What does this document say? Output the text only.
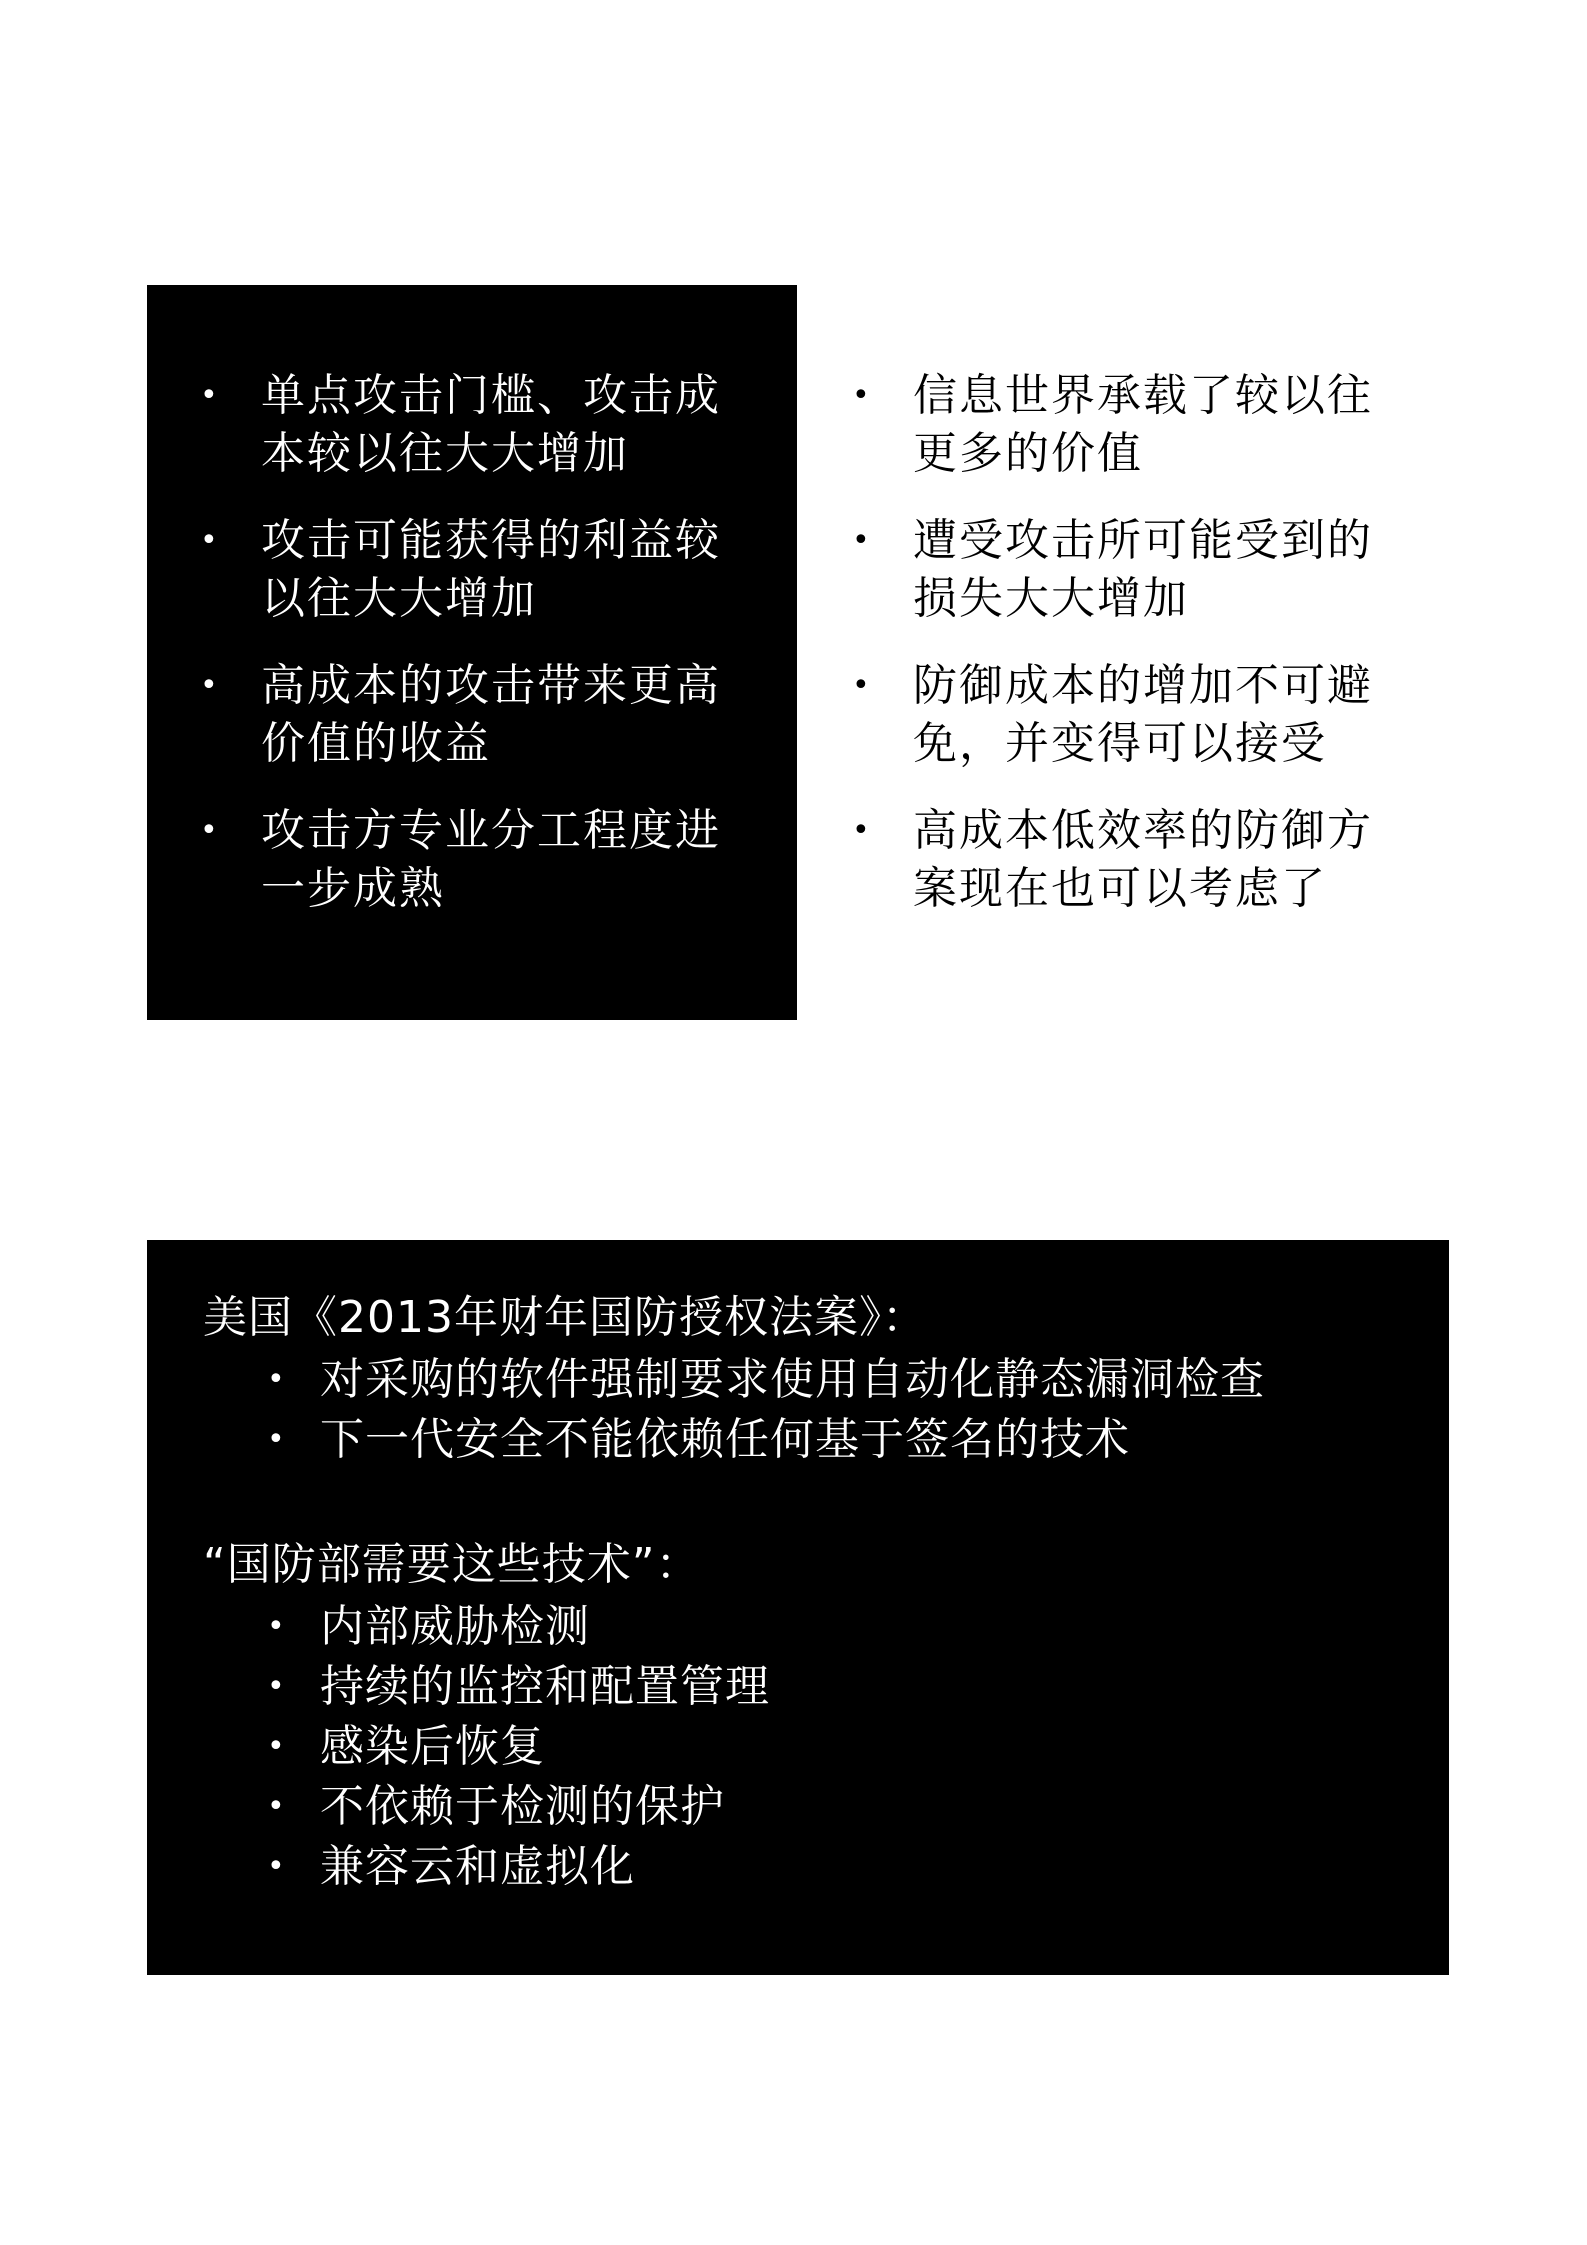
• 单点攻击门槛、攻击成
本较以往大大增加
• 攻击可能获得的利益较
以往大大增加
• 高成本的攻击带来更高
价值的收益
• 攻击方专业分工程度进
一步成熟
• 信息世界承载了较以往
更多的价值
• 遭受攻击所可能受到的
损失大大增加
• 防御成本的增加不可避
免，并变得可以接受
• 高成本低效率的防御方
案现在也可以考虑了
美国《2013年财年国防授权法案》：
• 对采购的软件强制要求使用自动化静态漏洞检查
• 下一代安全不能依赖任何基于签名的技术
“国防部需要这些技术”：
• 内部威胁检测
• 持续的监控和配置管理
• 感染后恢复
• 不依赖于检测的保护
• 兼容云和虚拟化
